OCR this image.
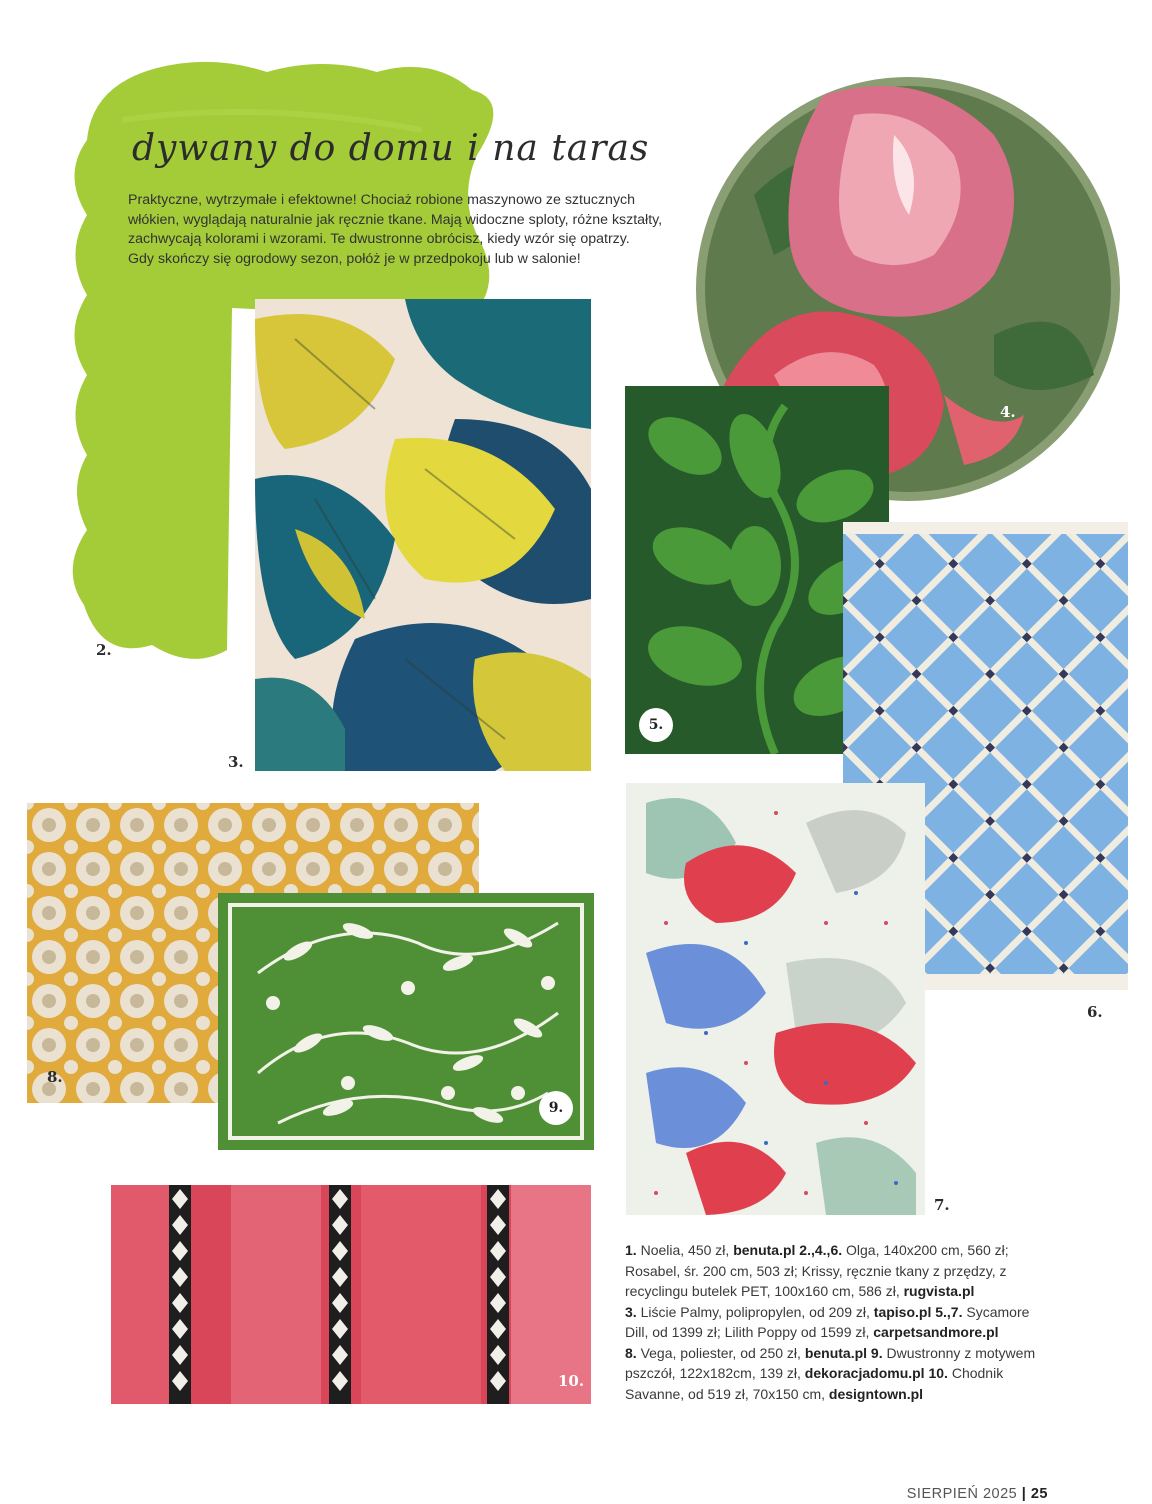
5.
9.
dywany do domu i na taras

Praktyczne, wytrzymałe i efektowne! Chociaż robione maszynowo ze sztucznych

włókien, wyglądają naturalnie jak ręcznie tkane. Mają widoczne sploty, różne kształty,

zachwycają kolorami i wzorami. Te dwustronne obrócisz, kiedy wzór się opatrzy.

Gdy skończy się ogrodowy sezon, połóż je w przedpokoju lub w salonie!

2.
3.
4.
6.
7.
8.
10.
1. Noelia, 450 zł, benuta.pl 2.,4.,6. Olga, 140x200 cm, 560 zł; Rosabel, śr. 200 cm, 503 zł; Krissy, ręcznie tkany z przędzy, z recyclingu butelek PET, 100x160 cm, 586 zł, rugvista.pl
3. Liście Palmy, polipropylen, od 209 zł, tapiso.pl 5.,7. Sycamore Dill, od 1399 zł; Lilith Poppy od 1599 zł, carpetsandmore.pl
8. Vega, poliester, od 250 zł, benuta.pl 9. Dwustronny z motywem pszczół, 122x182cm, 139 zł, dekoracjadomu.pl 10. Chodnik Savanne, od 519 zł, 70x150 cm, designtown.pl
SIERPIEŃ 2025 | 25
